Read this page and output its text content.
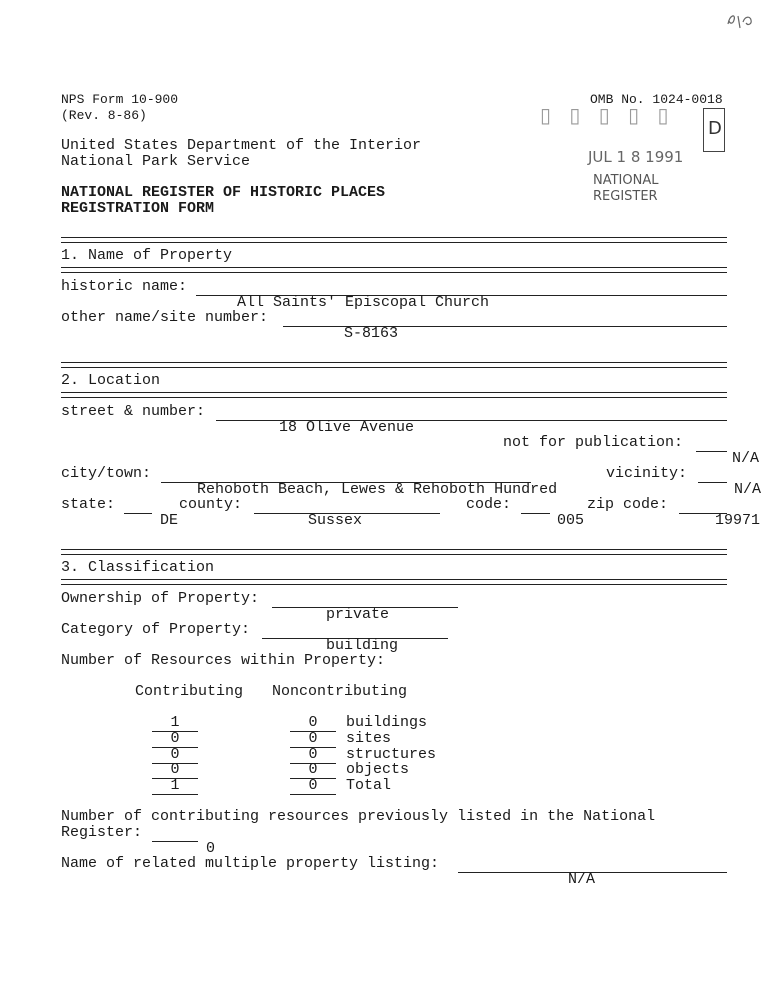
NPS Form 10-900
(Rev. 8-86)
OMB No. 1024-0018
▯ ▯ ▯ ▯ ▯
D
JUL 1 8 1991
NATIONAL
REGISTER
United States Department of the Interior
National Park Service
NATIONAL REGISTER OF HISTORIC PLACES
REGISTRATION FORM
1. Name of Property
historic name:

All Saints' Episcopal Church

other name/site number:

S-8163

2. Location
street & number:

18 Olive Avenue

not for publication:

N/A

city/town:

Rehoboth Beach, Lewes & Rehoboth Hundred

vicinity:

N/A

state:

DE

county:

Sussex

code:

005

zip code:

19971

3. Classification
Ownership of Property:

private

Category of Property:

building

Number of Resources within Property:
Contributing Noncontributing
1	0	buildings
0	0	sites
0	0	structures
0	0	objects
1	0	Total
Number of contributing resources previously listed in the National
Register:

0

Name of related multiple property listing:

N/A
